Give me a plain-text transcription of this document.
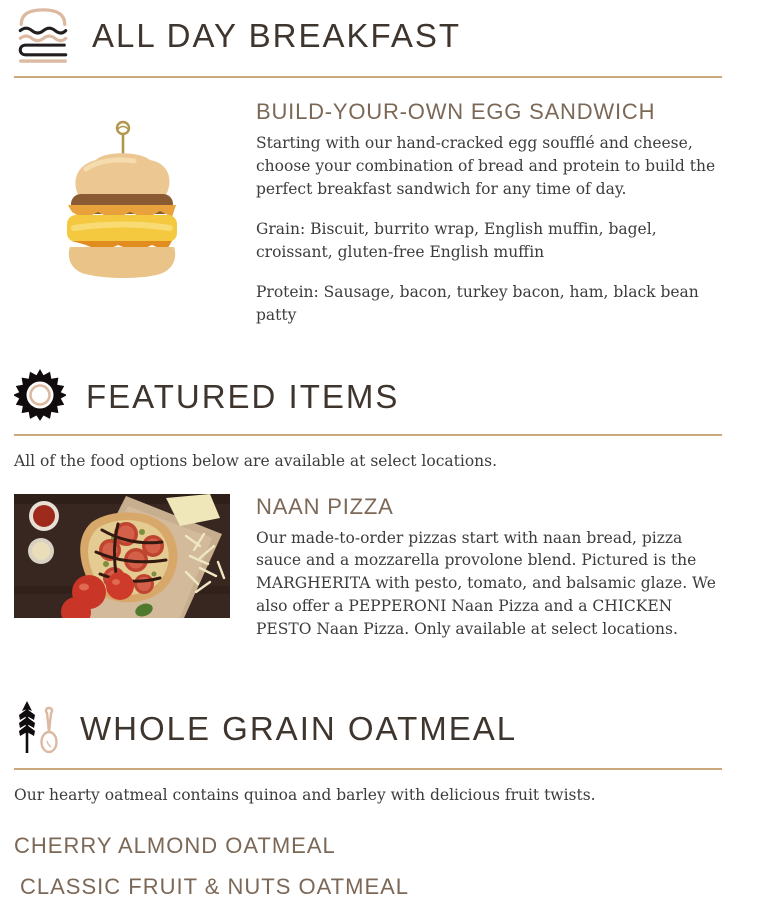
ALL DAY BREAKFAST
BUILD-YOUR-OWN EGG SANDWICH

Starting with our hand-cracked egg soufflé and cheese, choose your combination of bread and protein to build the perfect breakfast sandwich for any time of day.

Grain: Biscuit, burrito wrap, English muffin, bagel, croissant, gluten-free English muffin

Protein: Sausage, bacon, turkey bacon, ham, black bean patty

FEATURED ITEMS

All of the food options below are available at select locations.

NAAN PIZZA

Our made-to-order pizzas start with naan bread, pizza sauce and a mozzarella provolone blend. Pictured is the MARGHERITA with pesto, tomato, and balsamic glaze. We also offer a PEPPERONI Naan Pizza and a CHICKEN PESTO Naan Pizza. Only available at select locations.

WHOLE GRAIN OATMEAL

Our hearty oatmeal contains quinoa and barley with delicious fruit twists.

CHERRY ALMOND OATMEAL
CLASSIC FRUIT & NUTS OATMEAL
